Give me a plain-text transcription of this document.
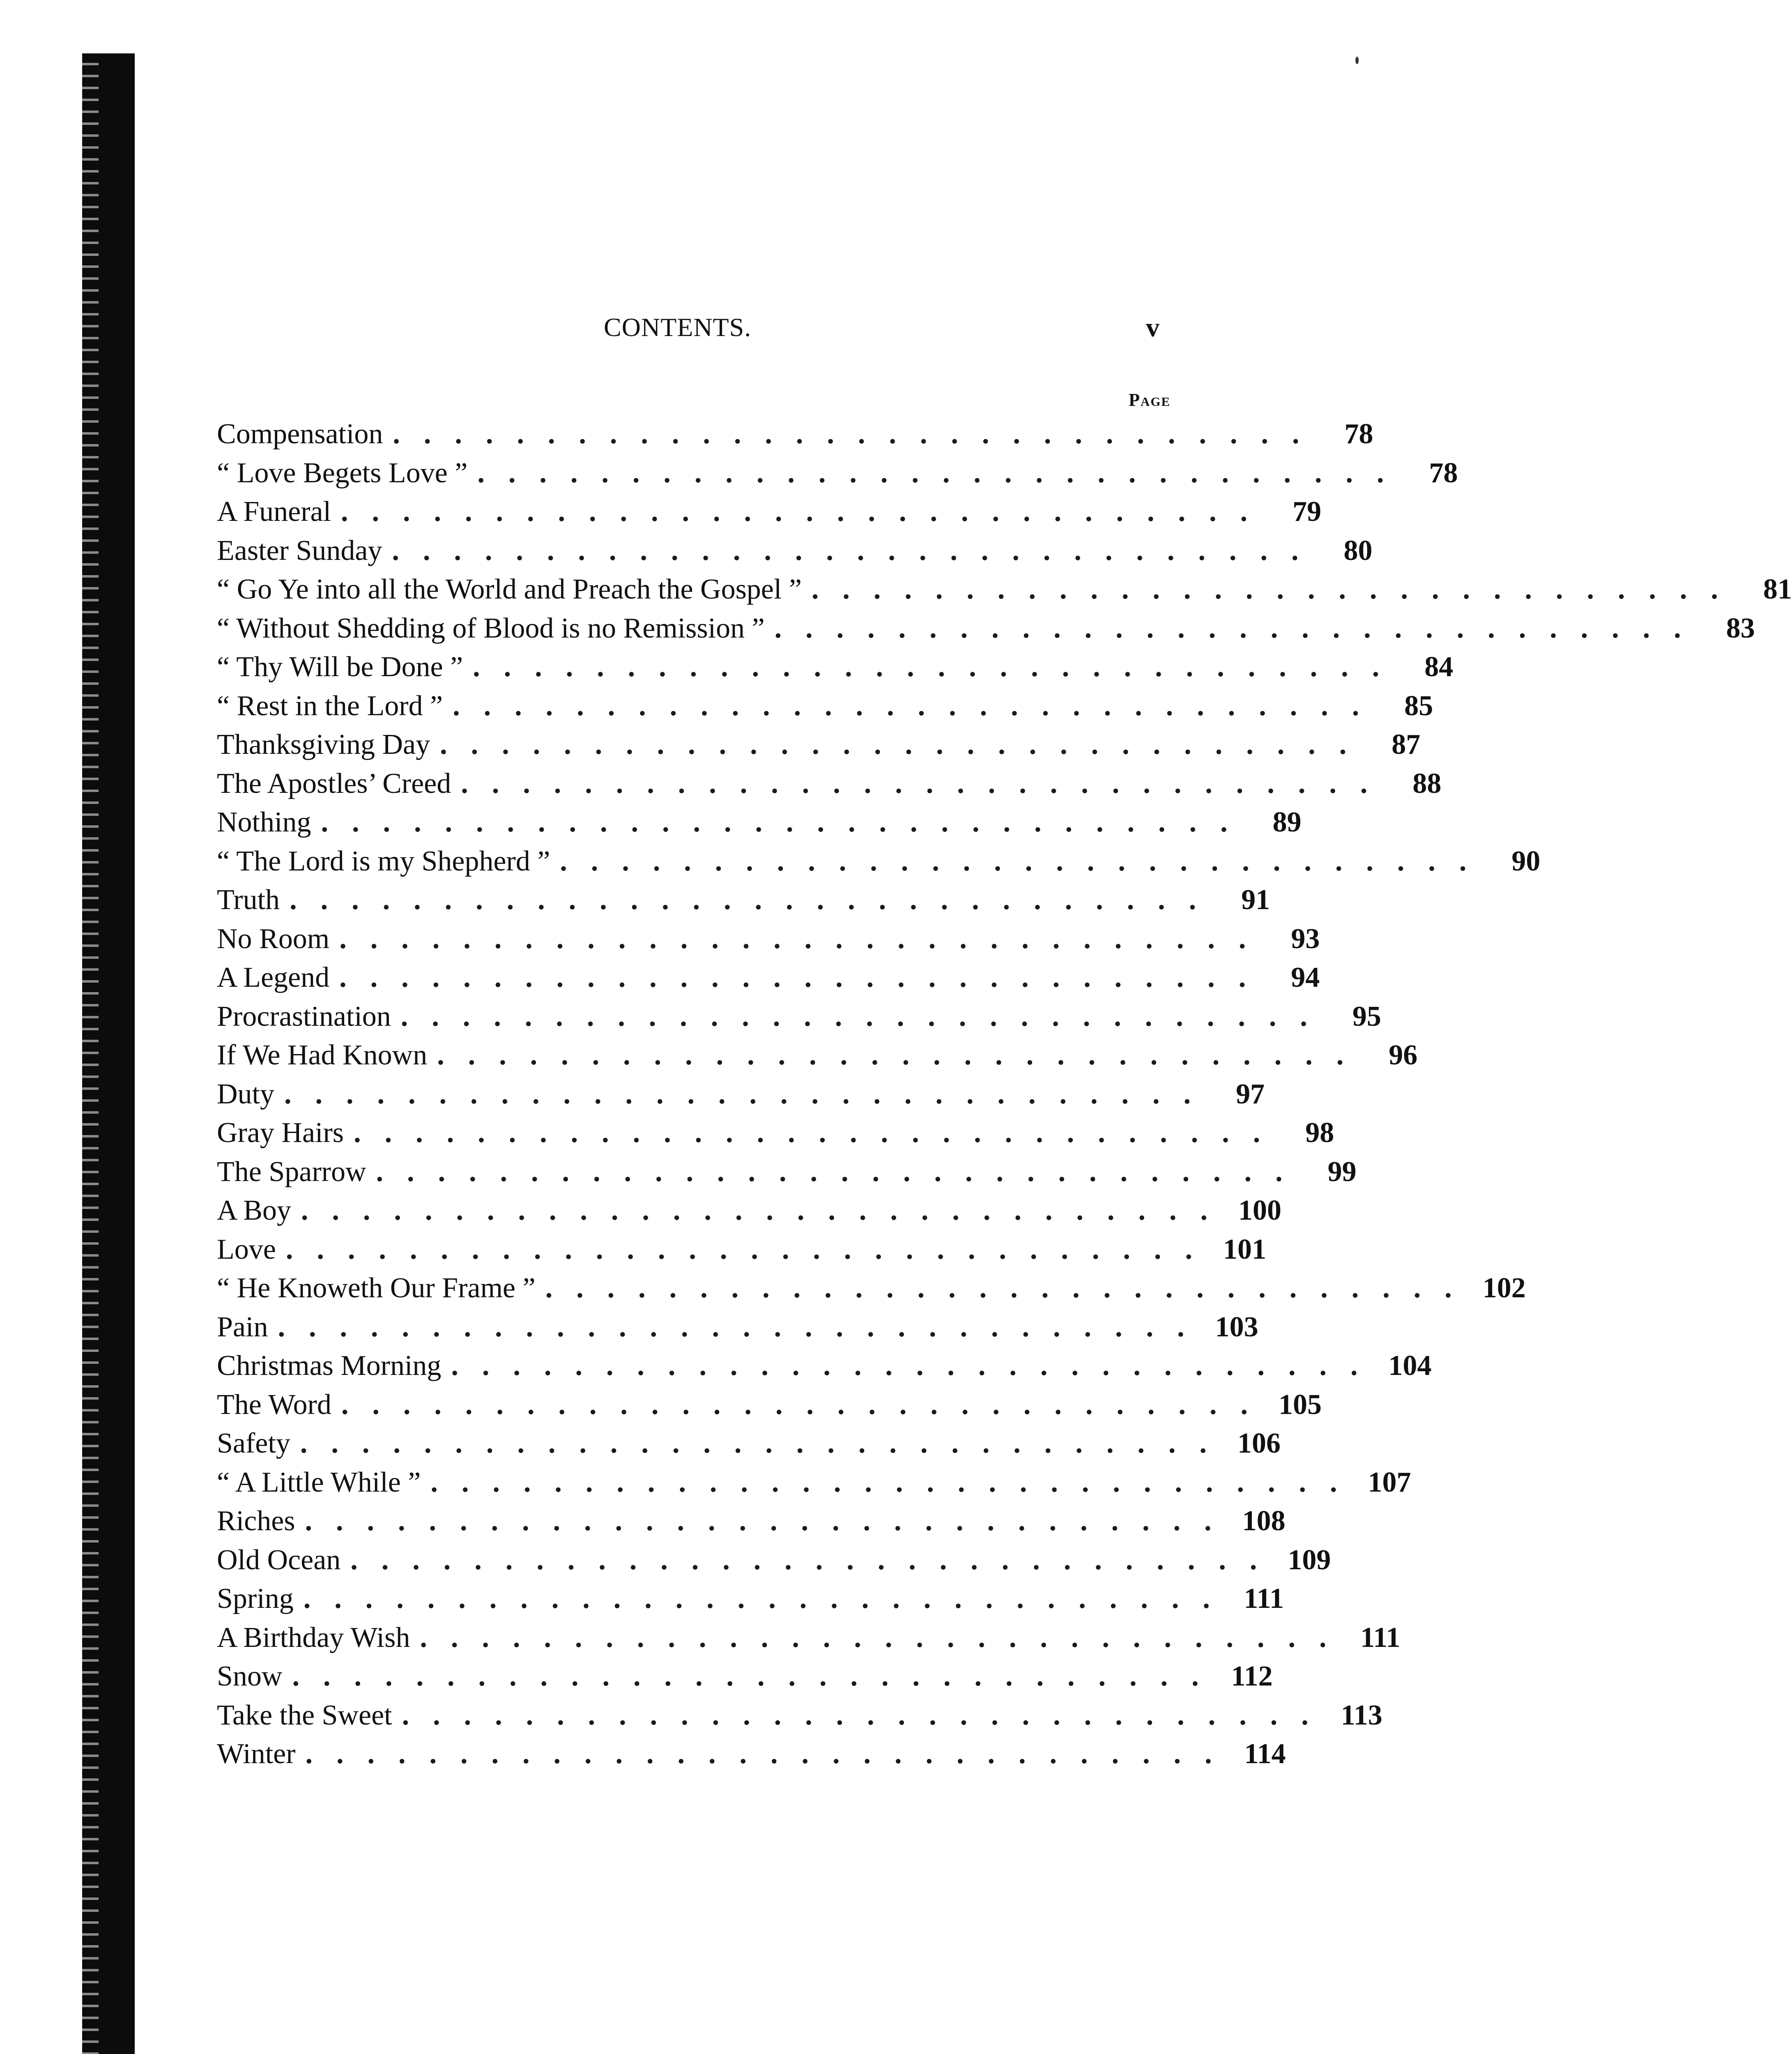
CONTENTS.	v
Page
Compensation .............................. 78
“ Love Begets Love ” .............................. 78
A Funeral .............................. 79
Easter Sunday .............................. 80
“ Go Ye into all the World and Preach the Gospel ” .............................. 81
“ Without Shedding of Blood is no Remission ” .............................. 83
“ Thy Will be Done ” .............................. 84
“ Rest in the Lord ” .............................. 85
Thanksgiving Day .............................. 87
The Apostles’ Creed .............................. 88
Nothing .............................. 89
“ The Lord is my Shepherd ” .............................. 90
Truth .............................. 91
No Room .............................. 93
A Legend .............................. 94
Procrastination .............................. 95
If We Had Known .............................. 96
Duty .............................. 97
Gray Hairs .............................. 98
The Sparrow .............................. 99
A Boy .............................. 100
Love .............................. 101
“ He Knoweth Our Frame ” .............................. 102
Pain .............................. 103
Christmas Morning .............................. 104
The Word .............................. 105
Safety .............................. 106
“ A Little While ” .............................. 107
Riches .............................. 108
Old Ocean .............................. 109
Spring .............................. 111
A Birthday Wish .............................. 111
Snow .............................. 112
Take the Sweet .............................. 113
Winter .............................. 114
